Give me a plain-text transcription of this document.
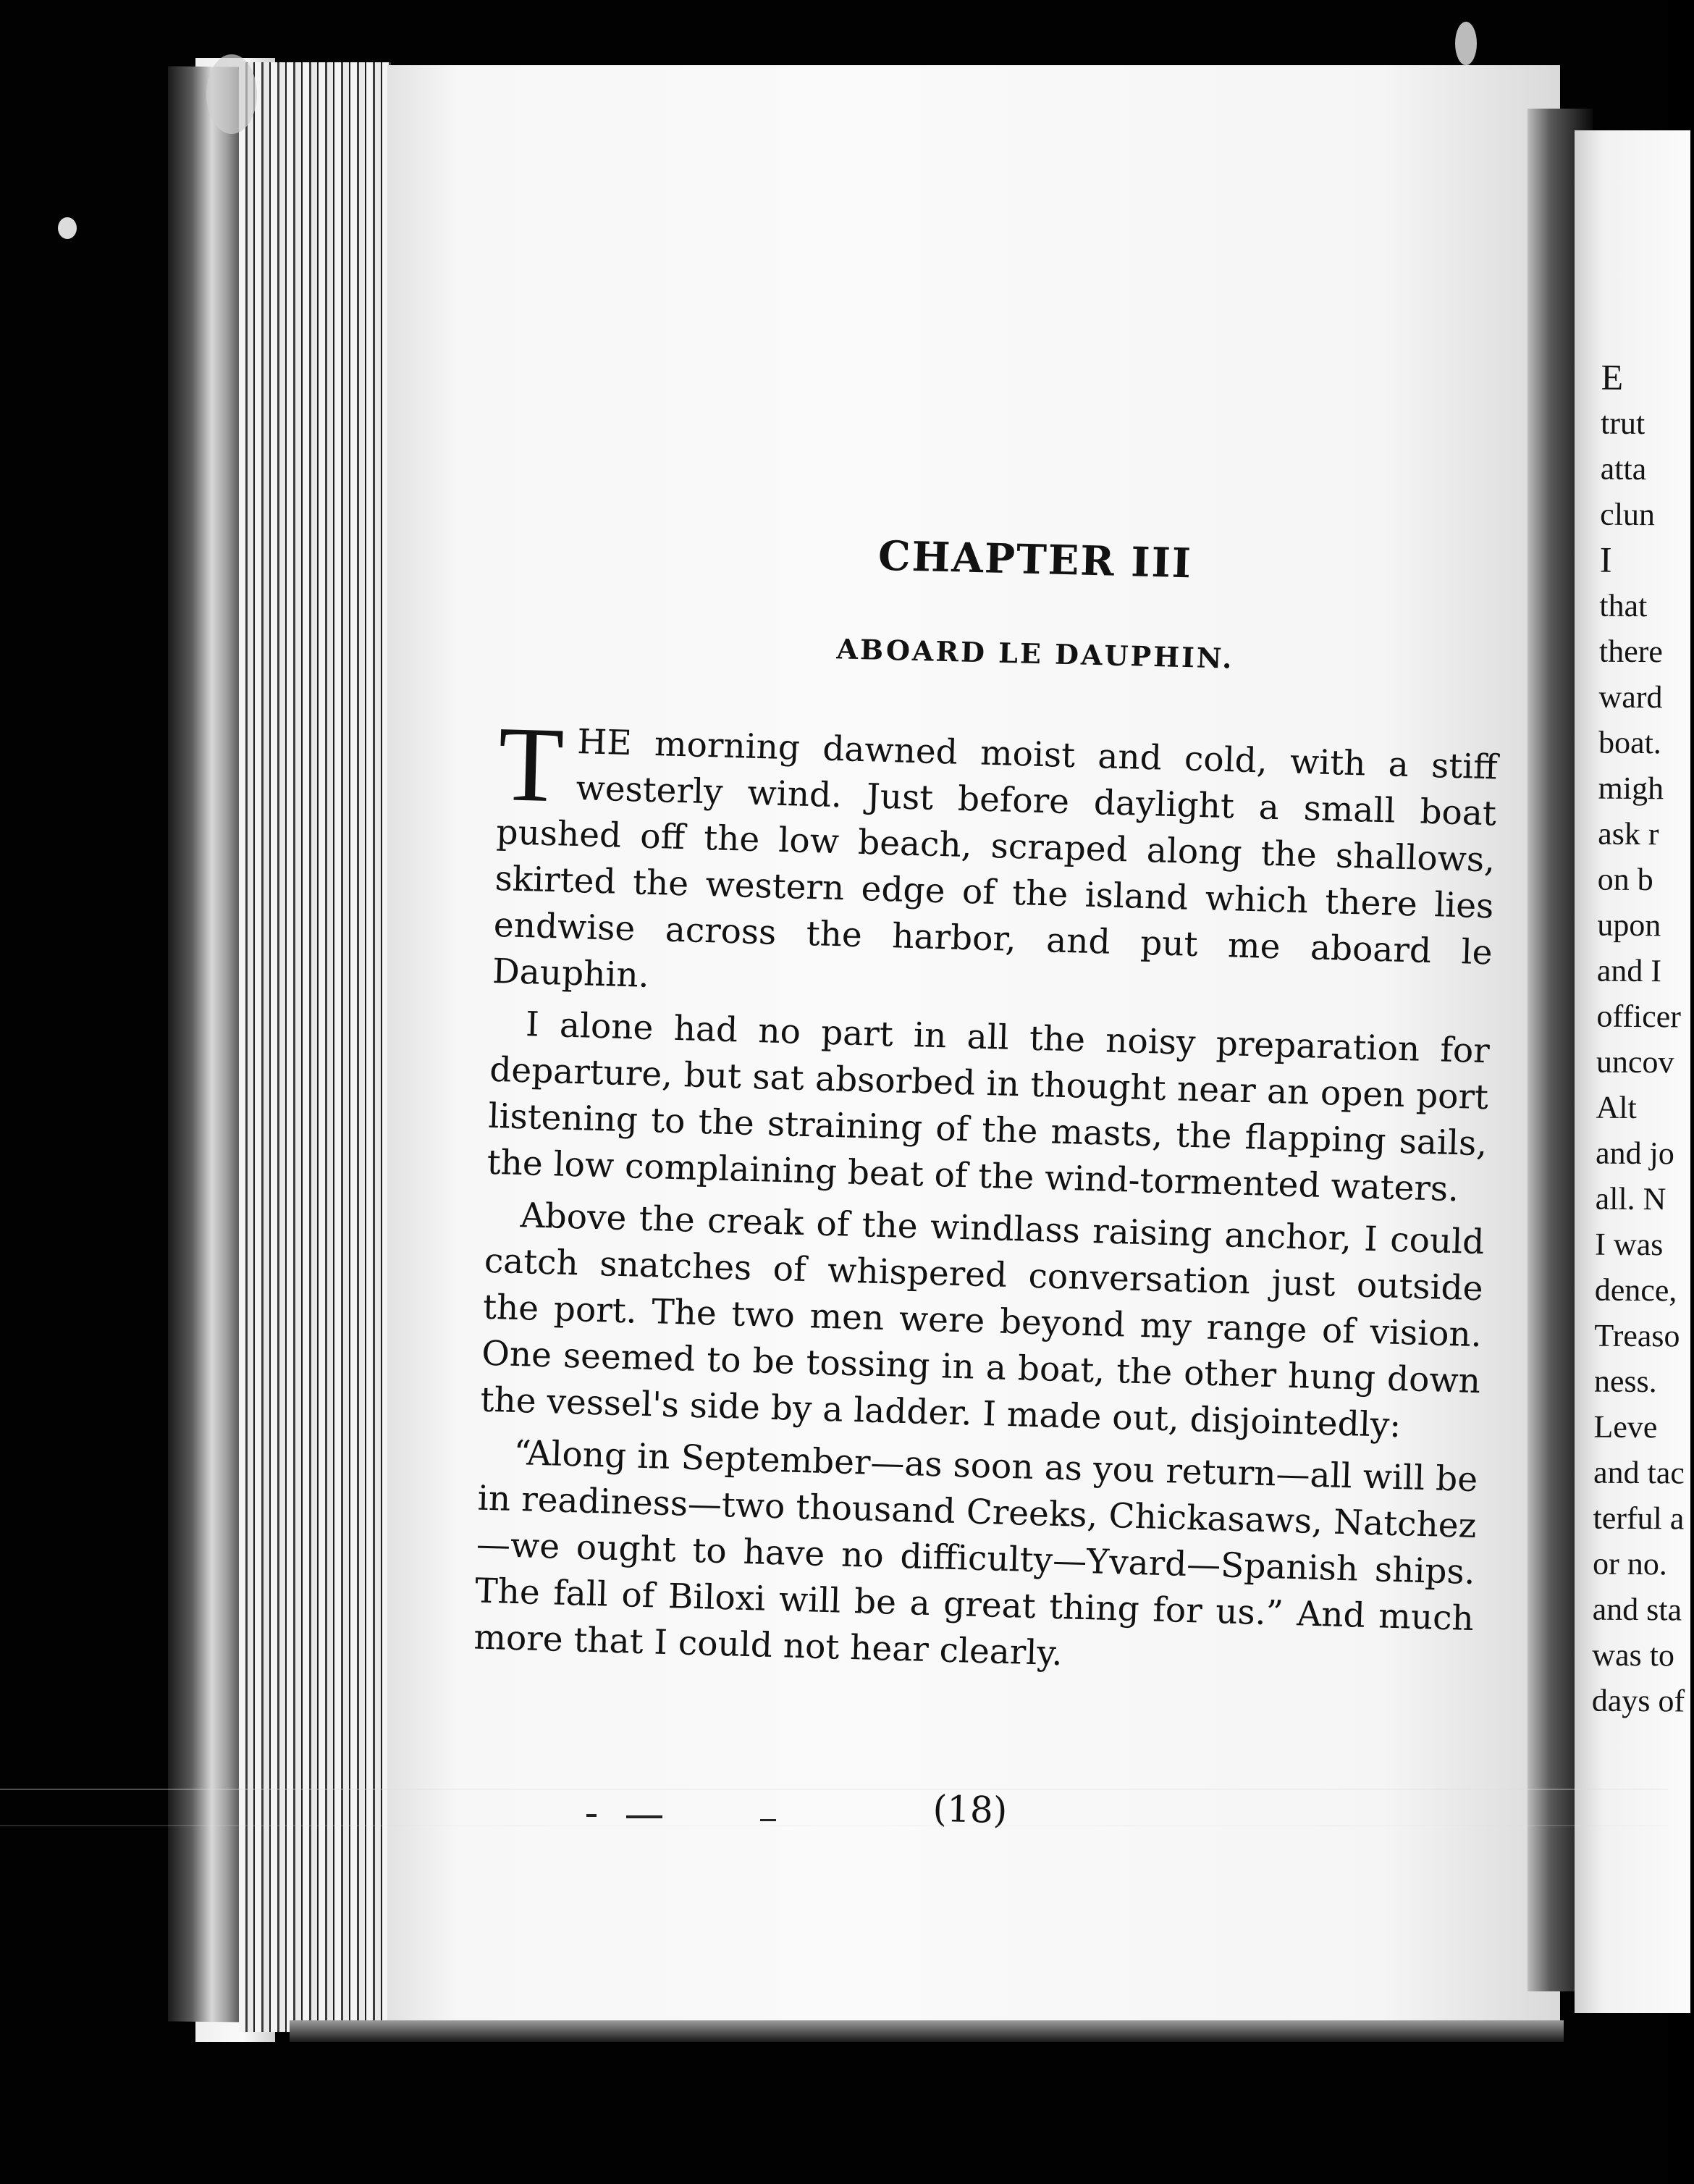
CHAPTER III
ABOARD LE DAUPHIN.

THE morning dawned moist and cold, with a stiff westerly wind. Just before daylight a small boat pushed off the low beach, scraped along the shallows, skirted the western edge of the island which there lies endwise across the harbor, and put me aboard le Dauphin.

I alone had no part in all the noisy preparation for departure, but sat absorbed in thought near an open port listening to the straining of the masts, the flapping sails, the low complaining beat of the wind-tormented waters.

Above the creak of the windlass raising anchor, I could catch snatches of whispered conversation just outside the port. The two men were beyond my range of vision. One seemed to be tossing in a boat, the other hung down the vessel's side by a ladder. I made out, disjointedly:

“Along in September—as soon as you return—all will be in readiness—two thousand Creeks, Chickasaws, Natchez—we ought to have no difficulty—Yvard—Spanish ships. The fall of Biloxi will be a great thing for us.” And much more that I could not hear clearly.

(18)
E
trut
atta
clun
I
that
there
ward
boat.
migh
ask r
on b
upon
and I
officer
uncov
Alt
and jo
all. N
I was
dence,
Treaso
ness.
Leve
and tac
terful a
or no.
and sta
was to
days of
